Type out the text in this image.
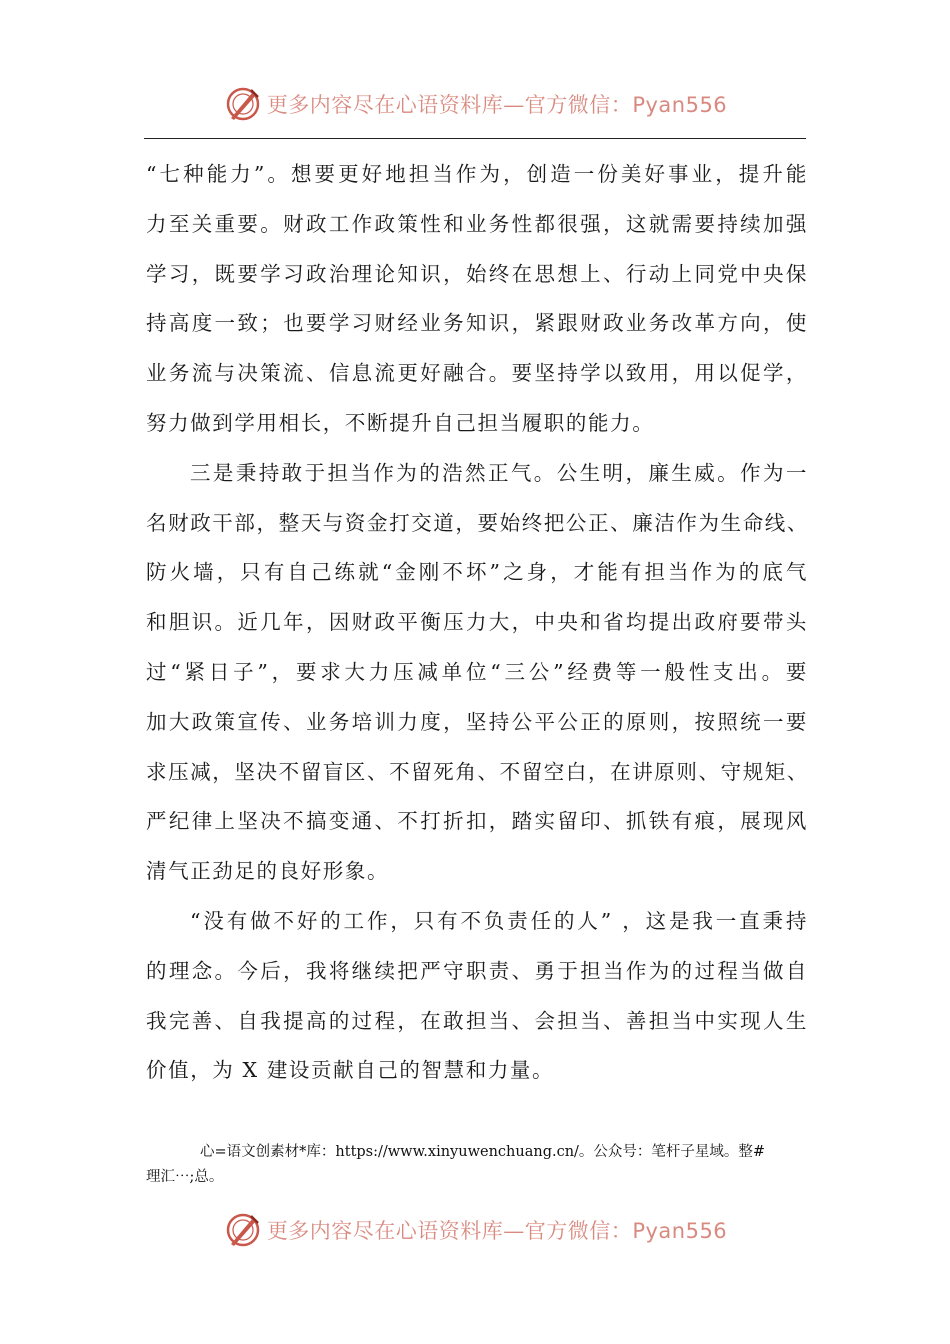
更多内容尽在心语资料库—官方微信：Pyan556
“七种能力”。想要更好地担当作为，创造一份美好事业，提升能
力至关重要。财政工作政策性和业务性都很强，这就需要持续加强
学习，既要学习政治理论知识，始终在思想上、行动上同党中央保
持高度一致；也要学习财经业务知识，紧跟财政业务改革方向，使
业务流与决策流、信息流更好融合。要坚持学以致用，用以促学，
努力做到学用相长，不断提升自己担当履职的能力。
三是秉持敢于担当作为的浩然正气。公生明，廉生威。作为一
名财政干部，整天与资金打交道，要始终把公正、廉洁作为生命线、
防火墙，只有自己练就“金刚不坏”之身，才能有担当作为的底气
和胆识。近几年，因财政平衡压力大，中央和省均提出政府要带头
过“紧日子”，要求大力压减单位“三公”经费等一般性支出。要
加大政策宣传、业务培训力度，坚持公平公正的原则，按照统一要
求压减，坚决不留盲区、不留死角、不留空白，在讲原则、守规矩、
严纪律上坚决不搞变通、不打折扣，踏实留印、抓铁有痕，展现风
清气正劲足的良好形象。
“没有做不好的工作，只有不负责任的人” ，这是我一直秉持
的理念。今后，我将继续把严守职责、勇于担当作为的过程当做自
我完善、自我提高的过程，在敢担当、会担当、善担当中实现人生
价值，为 X 建设贡献自己的智慧和力量。
心=语文创素材*库：https://www.xinyuwenchuang.cn/。公众号：笔杆子星域。整#
理汇⋯;总。
更多内容尽在心语资料库—官方微信：Pyan556
